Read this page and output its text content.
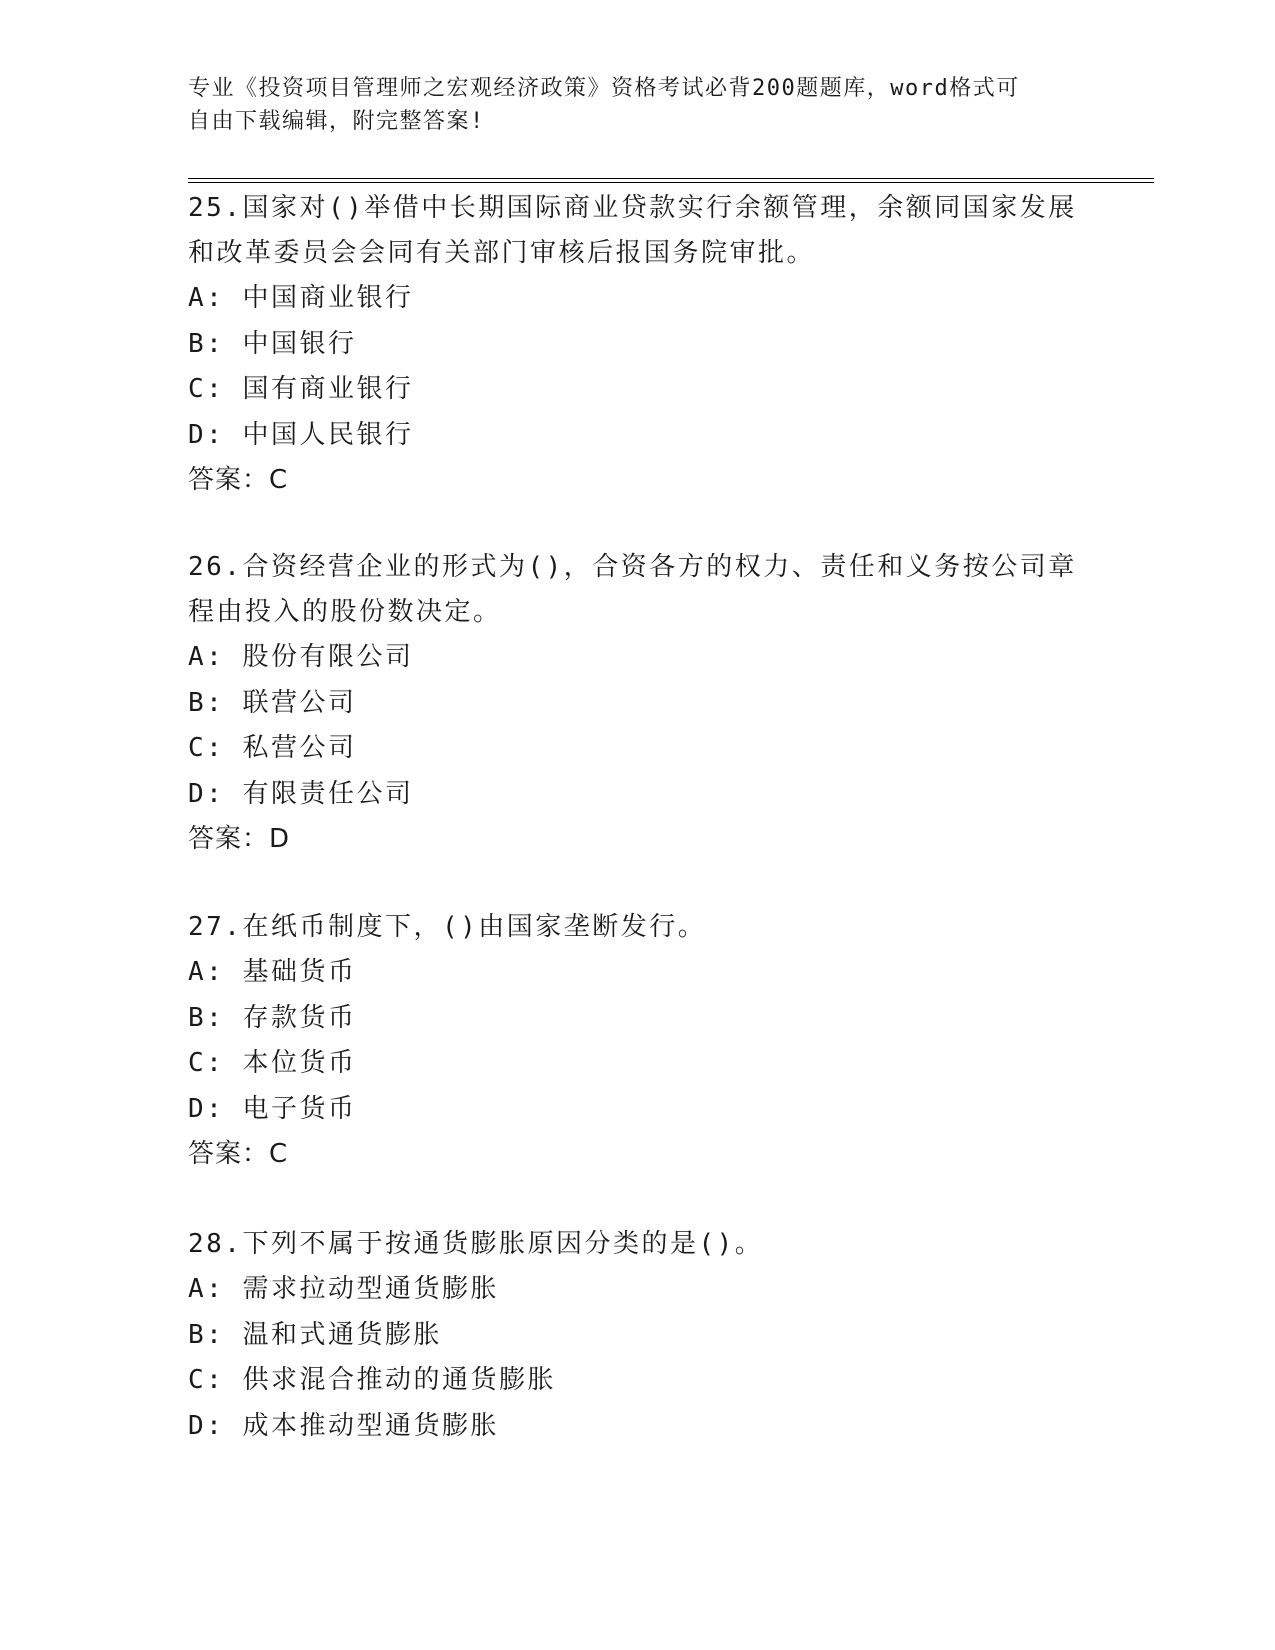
专业《投资项目管理师之宏观经济政策》资格考试必背200题题库，word格式可
自由下载编辑，附完整答案!

25.国家对()举借中长期国际商业贷款实行余额管理，余额同国家发展和改革委员会会同有关部门审核后报国务院审批。

A: 中国商业银行

B: 中国银行

C: 国有商业银行

D: 中国人民银行

答案：C

26.合资经营企业的形式为()，合资各方的权力、责任和义务按公司章程由投入的股份数决定。

A: 股份有限公司

B: 联营公司

C: 私营公司

D: 有限责任公司

答案：D

27.在纸币制度下，()由国家垄断发行。

A: 基础货币

B: 存款货币

C: 本位货币

D: 电子货币

答案：C

28.下列不属于按通货膨胀原因分类的是()。

A: 需求拉动型通货膨胀

B: 温和式通货膨胀

C: 供求混合推动的通货膨胀

D: 成本推动型通货膨胀
